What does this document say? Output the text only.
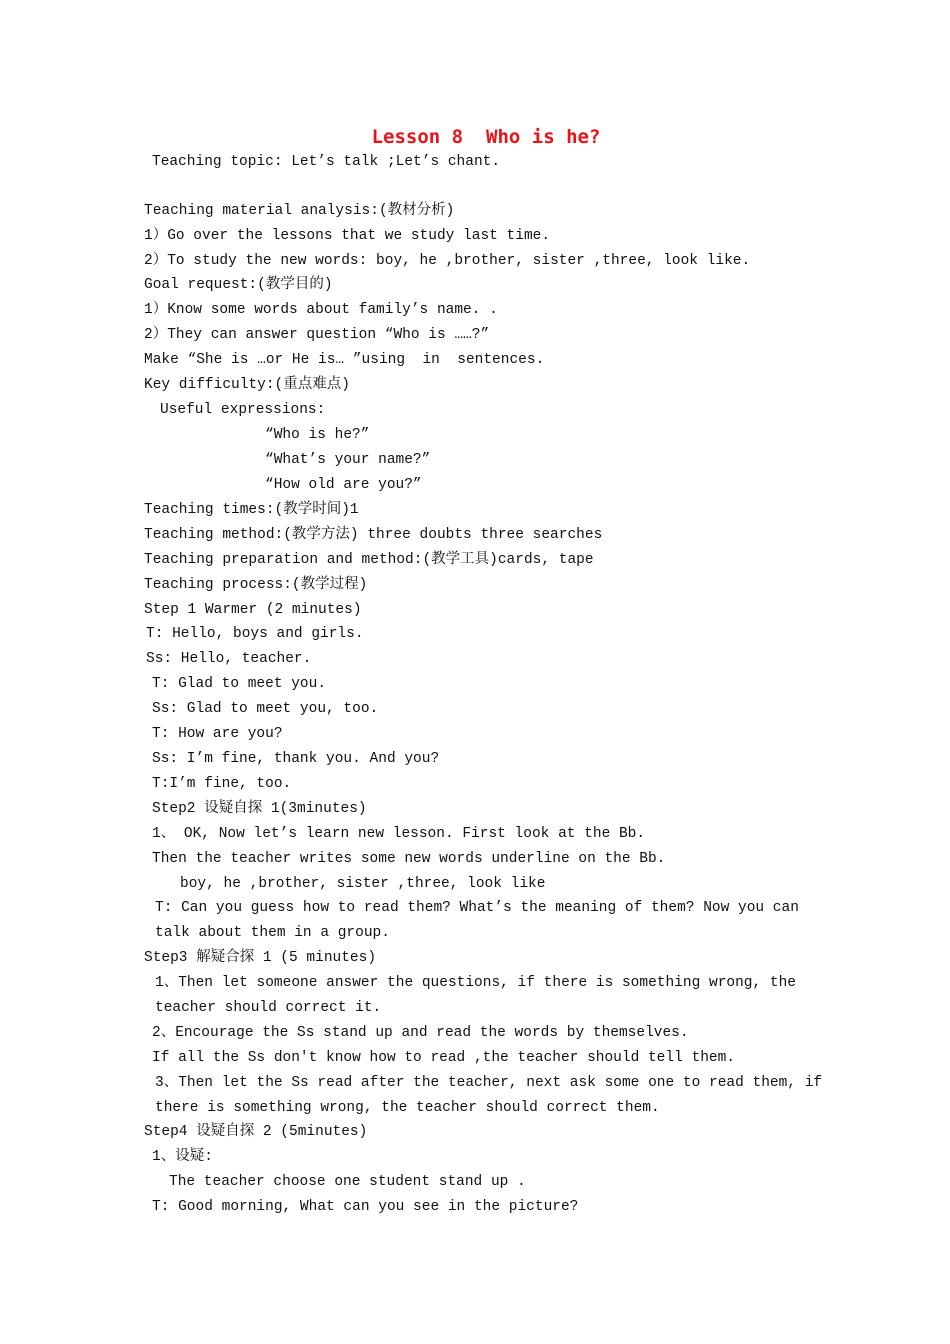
Lesson 8  Who is he?
Teaching topic: Let’s talk ;Let’s chant.
Teaching material analysis:(教材分析)
1）Go over the lessons that we study last time.
2）To study the new words: boy, he ,brother, sister ,three, look like.
Goal request:(教学目的)
1）Know some words about family’s name. .
2）They can answer question “Who is ……?”
Make “She is …or He is… ”using  in  sentences.
Key difficulty:(重点难点)
Useful expressions:
“Who is he?”
“What’s your name?”
“How old are you?”
Teaching times:(教学时间)1
Teaching method:(教学方法) three doubts three searches
Teaching preparation and method:(教学工具)cards, tape
Teaching process:(教学过程)
Step 1 Warmer (2 minutes)
T: Hello, boys and girls.
Ss: Hello, teacher.
T: Glad to meet you.
Ss: Glad to meet you, too.
T: How are you?
Ss: I’m fine, thank you. And you?
T:I’m fine, too.
Step2 设疑自探 1(3minutes)
1、 OK, Now let’s learn new lesson. First look at the Bb.
Then the teacher writes some new words underline on the Bb.
boy, he ,brother, sister ,three, look like
T: Can you guess how to read them? What’s the meaning of them? Now you can
talk about them in a group.
Step3 解疑合探 1 (5 minutes)
1、Then let someone answer the questions, if there is something wrong, the
teacher should correct it.
2、Encourage the Ss stand up and read the words by themselves.
If all the Ss don't know how to read ,the teacher should tell them.
3、Then let the Ss read after the teacher, next ask some one to read them, if
there is something wrong, the teacher should correct them.
Step4 设疑自探 2 (5minutes)
1、设疑:
The teacher choose one student stand up .
T: Good morning, What can you see in the picture?
